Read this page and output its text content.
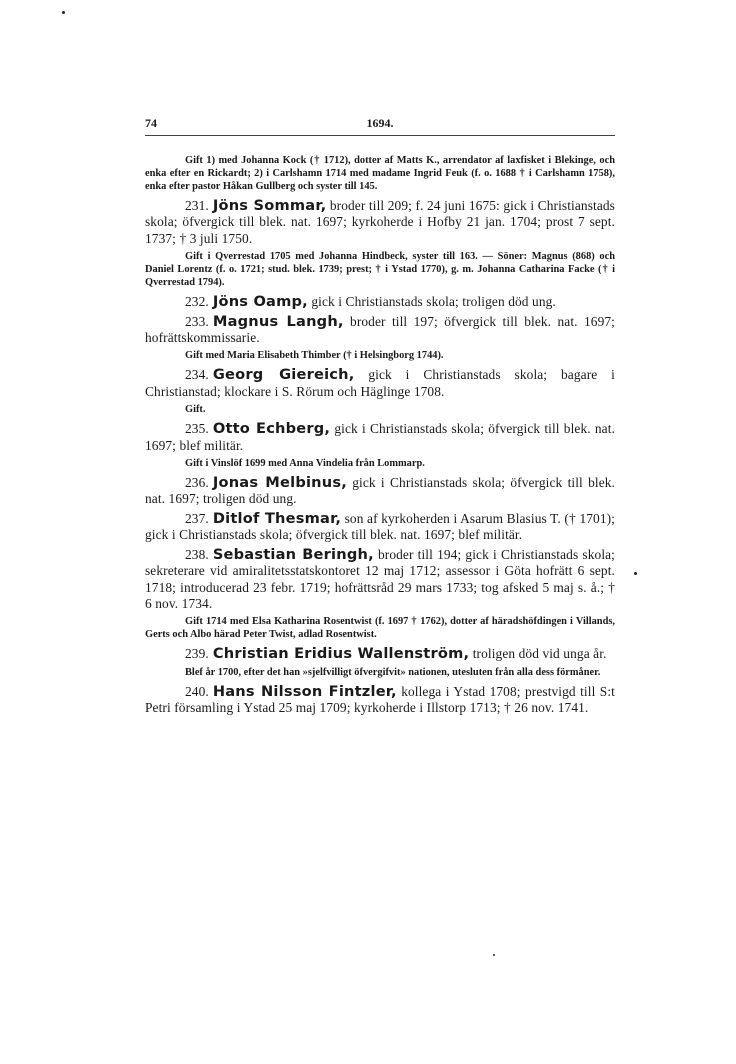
74	1694.

Gift 1) med Johanna Kock († 1712), dotter af Matts K., arrendator af laxfisket i Blekinge, och enka efter en Rickardt; 2) i Carlshamn 1714 med madame Ingrid Feuk (f. o. 1688 † i Carlshamn 1758), enka efter pastor Håkan Gullberg och syster till 145.

231. Jöns Sommar, broder till 209; f. 24 juni 1675: gick i Christianstads skola; öfvergick till blek. nat. 1697; kyrkoherde i Hofby 21 jan. 1704; prost 7 sept. 1737; † 3 juli 1750.

Gift i Qverrestad 1705 med Johanna Hindbeck, syster till 163. — Söner: Magnus (868) och Daniel Lorentz (f. o. 1721; stud. blek. 1739; prest; † i Ystad 1770), g. m. Johanna Catharina Facke († i Qverrestad 1794).

232. Jöns Oamp, gick i Christianstads skola; troligen död ung.

233. Magnus Langh, broder till 197; öfvergick till blek. nat. 1697; hofrättskommissarie.

Gift med Maria Elisabeth Thimber († i Helsingborg 1744).

234. Georg Giereich, gick i Christianstads skola; bagare i Christianstad; klockare i S. Rörum och Häglinge 1708.

Gift.

235. Otto Echberg, gick i Christianstads skola; öfvergick till blek. nat. 1697; blef militär.

Gift i Vinslöf 1699 med Anna Vindelia från Lommarp.

236. Jonas Melbinus, gick i Christianstads skola; öfvergick till blek. nat. 1697; troligen död ung.

237. Ditlof Thesmar, son af kyrkoherden i Asarum Blasius T. († 1701); gick i Christianstads skola; öfvergick till blek. nat. 1697; blef militär.

238. Sebastian Beringh, broder till 194; gick i Christianstads skola; sekreterare vid amiralitetsstatskontoret 12 maj 1712; assessor i Göta hofrätt 6 sept. 1718; introducerad 23 febr. 1719; hofrättsråd 29 mars 1733; tog afsked 5 maj s. å.; † 6 nov. 1734.

Gift 1714 med Elsa Katharina Rosentwist (f. 1697 † 1762), dotter af häradshöfdingen i Villands, Gerts och Albo härad Peter Twist, adlad Rosentwist.

239. Christian Eridius Wallenström, troligen död vid unga år.

Blef år 1700, efter det han »sjelfvilligt öfvergifvit» nationen, utesluten från alla dess förmåner.

240. Hans Nilsson Fintzler, kollega i Ystad 1708; prestvigd till S:t Petri församling i Ystad 25 maj 1709; kyrkoherde i Illstorp 1713; † 26 nov. 1741.
